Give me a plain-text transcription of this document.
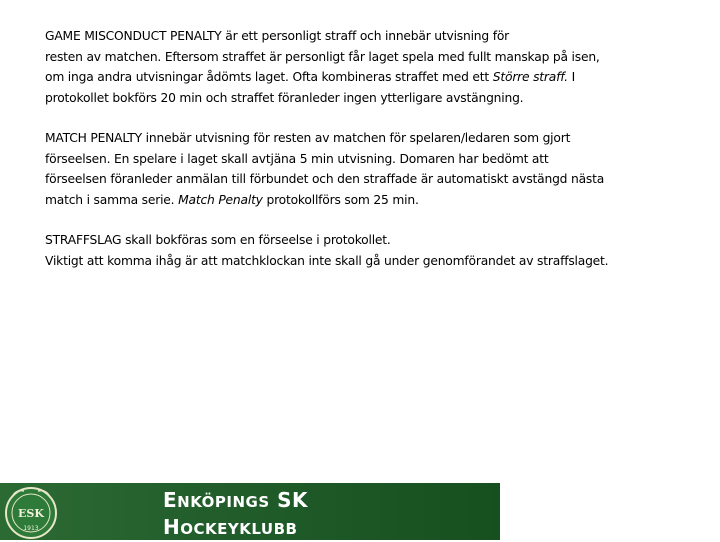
GAME MISCONDUCT PENALTY är ett personligt straff och innebär utvisning för
resten av matchen. Eftersom straffet är personligt får laget spela med fullt manskap på isen,
om inga andra utvisningar ådömts laget. Ofta kombineras straffet med ett Större straff. I
protokollet bokförs 20 min och straffet föranleder ingen ytterligare avstängning.

MATCH PENALTY innebär utvisning för resten av matchen för spelaren/ledaren som gjort
förseelsen. En spelare i laget skall avtjäna 5 min utvisning. Domaren har bedömt att
förseelsen föranleder anmälan till förbundet och den straffade är automatiskt avstängd nästa
match i samma serie. Match Penalty protokollförs som 25 min.

STRAFFSLAG skall bokföras som en förseelse i protokollet.
Viktigt att komma ihåg är att matchklockan inte skall gå under genomförandet av straffslaget.

ESK
1913
ENKÖPINGS SK
HOCKEYKLUBB
